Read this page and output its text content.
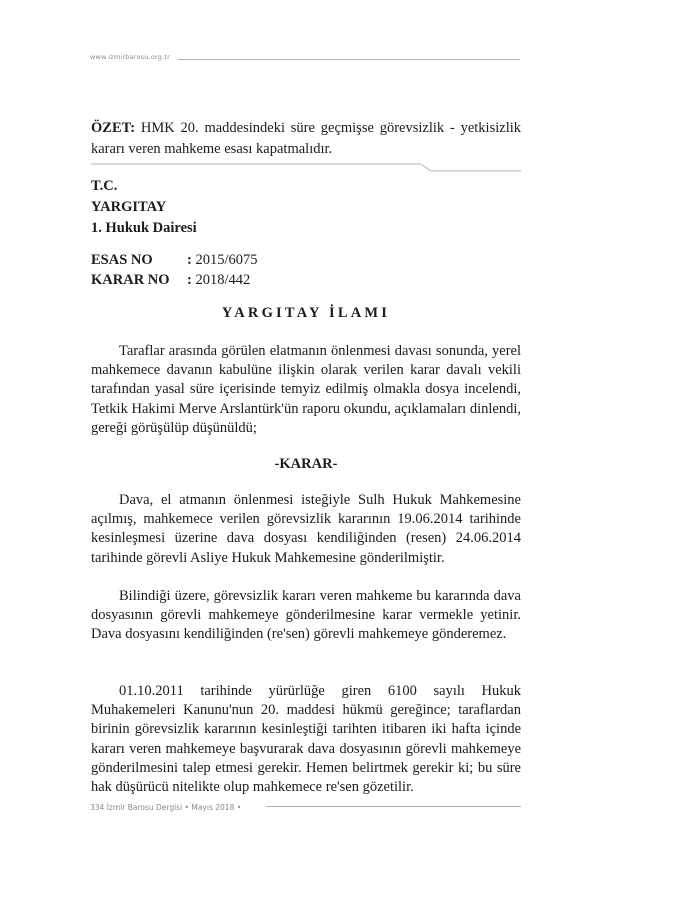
www.izmirbarosu.org.tr
ÖZET: HMK 20. maddesindeki süre geçmişse görevsizlik - yetkisizlik kararı veren mahkeme esası kapatmalıdır.
T.C.
YARGITAY
1. Hukuk Dairesi
ESAS NO : 2015/6075
KARAR NO : 2018/442
YARGITAY İLAMI
Taraflar arasında görülen elatmanın önlenmesi davası sonunda, yerel mahkemece davanın kabulüne ilişkin olarak verilen karar davalı vekili tarafından yasal süre içerisinde temyiz edilmiş olmakla dosya incelendi, Tetkik Hakimi Merve Arslantürk'ün raporu okundu, açıklamaları dinlendi, gereği görüşülüp düşünüldü;
-KARAR-
Dava, el atmanın önlenmesi isteğiyle Sulh Hukuk Mahkemesine açılmış, mahkemece verilen görevsizlik kararının 19.06.2014 tarihinde kesinleşmesi üzerine dava dosyası kendiliğinden (resen) 24.06.2014 tarihinde görevli Asliye Hukuk Mahkemesine gönderilmiştir.
Bilindiği üzere, görevsizlik kararı veren mahkeme bu kararında dava dosyasının görevli mahkemeye gönderilmesine karar vermekle yetinir. Dava dosyasını kendiliğinden (re'sen) görevli mahkemeye gönderemez.
01.10.2011 tarihinde yürürlüğe giren 6100 sayılı Hukuk Muhakemeleri Kanunu'nun 20. maddesi hükmü gereğince; taraflardan birinin görevsizlik kararının kesinleştiği tarihten itibaren iki hafta içinde kararı veren mahkemeye başvurarak dava dosyasının görevli mahkemeye gönderilmesini talep etmesi gerekir. Hemen belirtmek gerekir ki; bu süre hak düşürücü nitelikte olup mahkemece re'sen gözetilir.
334 İzmir Barosu Dergisi • Mayıs 2018 •
